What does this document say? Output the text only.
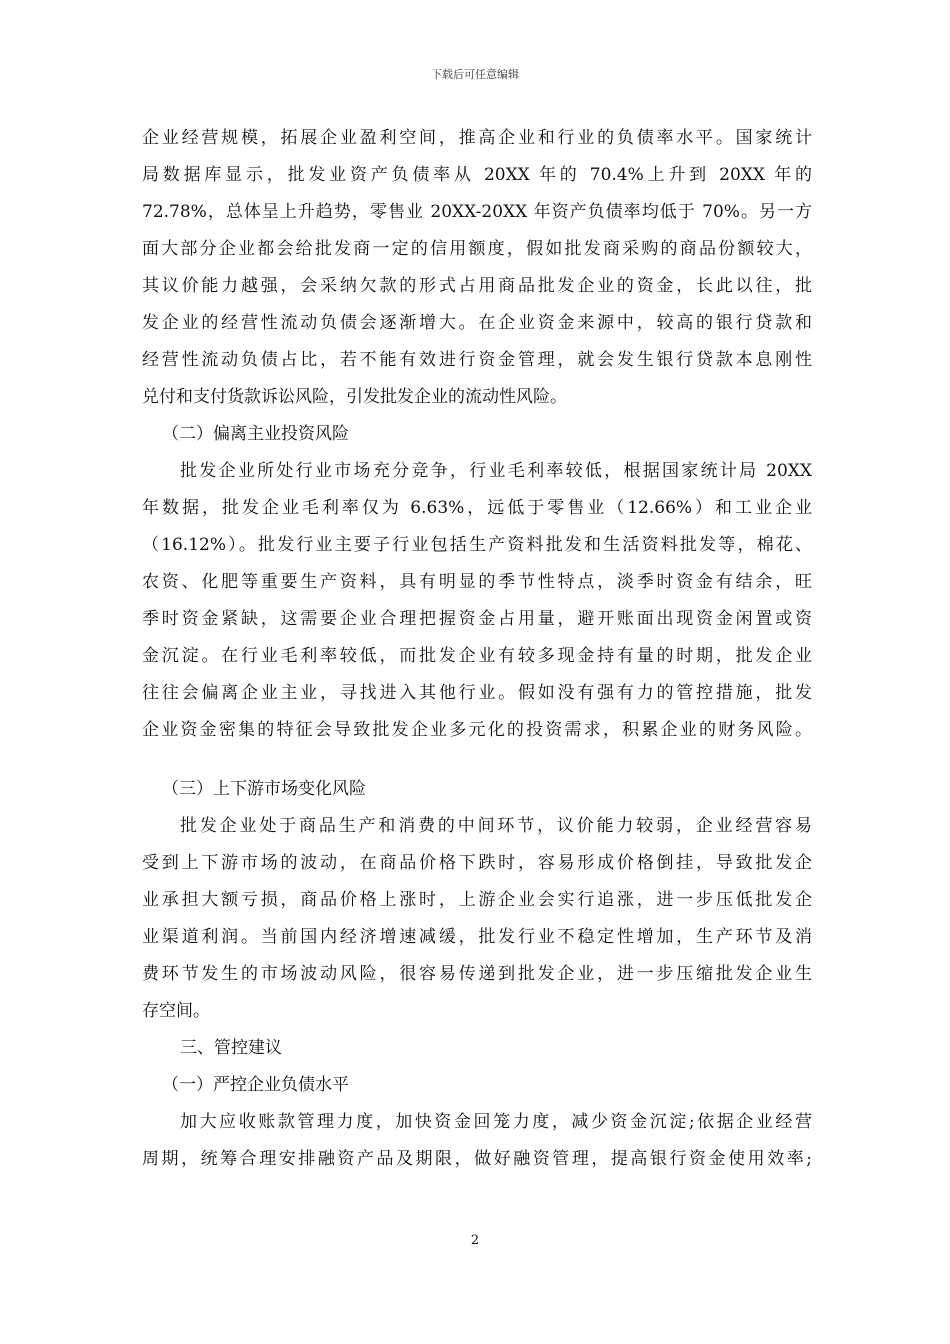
下载后可任意编辑
企业经营规模，拓展企业盈利空间，推高企业和行业的负债率水平。国家统计
局数据库显示，批发业资产负债率从 20XX 年的 70.4%上升到 20XX 年的
72.78%，总体呈上升趋势，零售业 20XX-20XX 年资产负债率均低于 70%。另一方
面大部分企业都会给批发商一定的信用额度，假如批发商采购的商品份额较大，
其议价能力越强，会采纳欠款的形式占用商品批发企业的资金，长此以往，批
发企业的经营性流动负债会逐渐增大。在企业资金来源中，较高的银行贷款和
经营性流动负债占比，若不能有效进行资金管理，就会发生银行贷款本息刚性
兑付和支付货款诉讼风险，引发批发企业的流动性风险。
（二）偏离主业投资风险
批发企业所处行业市场充分竞争，行业毛利率较低，根据国家统计局 20XX
年数据，批发企业毛利率仅为 6.63%，远低于零售业（12.66%）和工业企业
（16.12%）。批发行业主要子行业包括生产资料批发和生活资料批发等，棉花、
农资、化肥等重要生产资料，具有明显的季节性特点，淡季时资金有结余，旺
季时资金紧缺，这需要企业合理把握资金占用量，避开账面出现资金闲置或资
金沉淀。在行业毛利率较低，而批发企业有较多现金持有量的时期，批发企业
往往会偏离企业主业，寻找进入其他行业。假如没有强有力的管控措施，批发
企业资金密集的特征会导致批发企业多元化的投资需求，积累企业的财务风险。
（三）上下游市场变化风险
批发企业处于商品生产和消费的中间环节，议价能力较弱，企业经营容易
受到上下游市场的波动，在商品价格下跌时，容易形成价格倒挂，导致批发企
业承担大额亏损，商品价格上涨时，上游企业会实行追涨，进一步压低批发企
业渠道利润。当前国内经济增速减缓，批发行业不稳定性增加，生产环节及消
费环节发生的市场波动风险，很容易传递到批发企业，进一步压缩批发企业生
存空间。
三、管控建议
（一）严控企业负债水平
加大应收账款管理力度，加快资金回笼力度，减少资金沉淀;依据企业经营
周期，统筹合理安排融资产品及期限，做好融资管理，提高银行资金使用效率;
2
